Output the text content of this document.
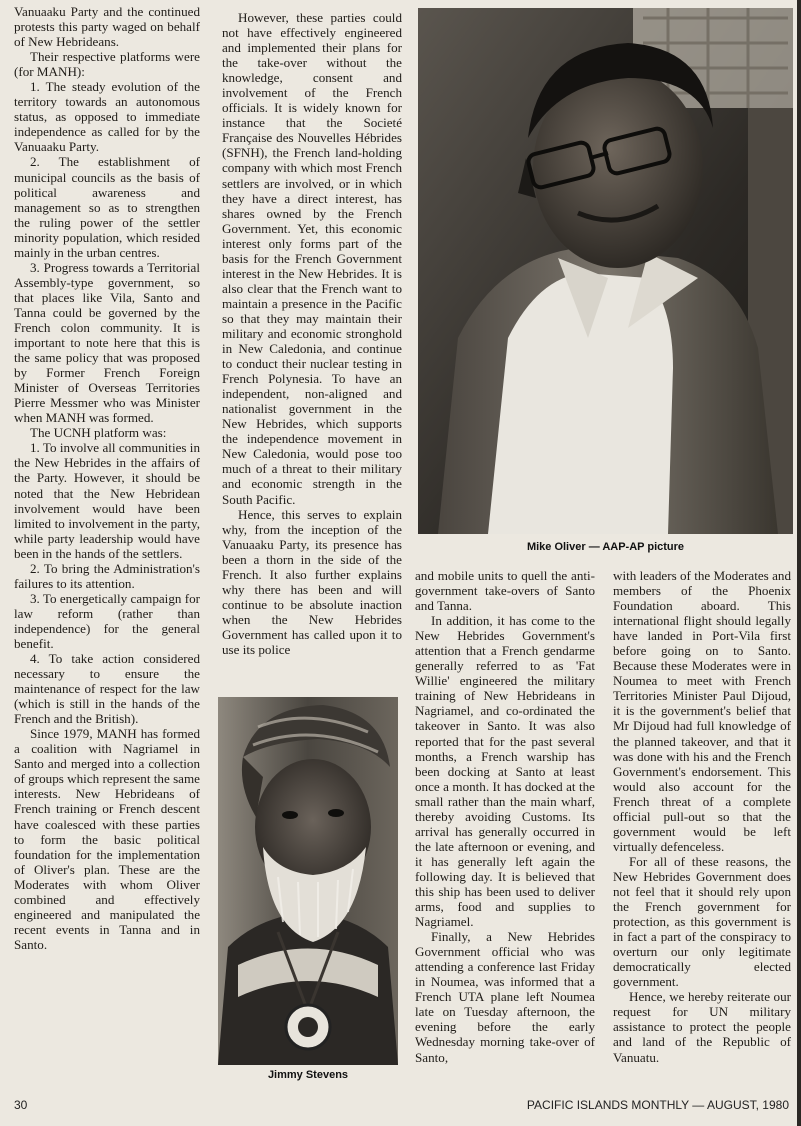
Vanuaaku Party and the continued protests this party waged on behalf of New Hebrideans.

Their respective platforms were (for MANH):

1. The steady evolution of the territory towards an autonomous status, as opposed to immediate independence as called for by the Vanuaaku Party.

2. The establishment of municipal councils as the basis of political awareness and management so as to strengthen the ruling power of the settler minority population, which resided mainly in the urban centres.

3. Progress towards a Territorial Assembly-type government, so that places like Vila, Santo and Tanna could be governed by the French colon community. It is important to note here that this is the same policy that was proposed by Former French Foreign Minister of Overseas Territories Pierre Messmer who was Minister when MANH was formed.

The UCNH platform was:

1. To involve all communities in the New Hebrides in the affairs of the Party. However, it should be noted that the New Hebridean involvement would have been limited to involvement in the party, while party leadership would have been in the hands of the settlers.

2. To bring the Administration's failures to its attention.

3. To energetically campaign for law reform (rather than independence) for the general benefit.

4. To take action considered necessary to ensure the maintenance of respect for the law (which is still in the hands of the French and the British).

Since 1979, MANH has formed a coalition with Nagriamel in Santo and merged into a collection of groups which represent the same interests. New Hebrideans of French training or French descent have coalesced with these parties to form the basic political foundation for the implementation of Oliver's plan. These are the Moderates with whom Oliver combined and effectively engineered and manipulated the recent events in Tanna and in Santo.

However, these parties could not have effectively engineered and implemented their plans for the take-over without the knowledge, consent and involvement of the French officials. It is widely known for instance that the Societé Française des Nouvelles Hébrides (SFNH), the French land-holding company with which most French settlers are involved, or in which they have a direct interest, has shares owned by the French Government. Yet, this economic interest only forms part of the basis for the French Government interest in the New Hebrides. It is also clear that the French want to maintain a presence in the Pacific so that they may maintain their military and economic stronghold in New Caledonia, and continue to conduct their nuclear testing in French Polynesia. To have an independent, non-aligned and nationalist government in the New Hebrides, which supports the independence movement in New Caledonia, would pose too much of a threat to their military and economic strength in the South Pacific.

Hence, this serves to explain why, from the inception of the Vanuaaku Party, its presence has been a thorn in the side of the French. It also further explains why there has been and will continue to be absolute inaction when the New Hebrides Government has called upon it to use its police

Mike Oliver — AAP-AP picture
Jimmy Stevens

and mobile units to quell the anti-government take-overs of Santo and Tanna.

In addition, it has come to the New Hebrides Government's attention that a French gendarme generally referred to as 'Fat Willie' engineered the military training of New Hebrideans in Nagriamel, and co-ordinated the takeover in Santo. It was also reported that for the past several months, a French warship has been docking at Santo at least once a month. It has docked at the small rather than the main wharf, thereby avoiding Customs. Its arrival has generally occurred in the late afternoon or evening, and it has generally left again the following day. It is believed that this ship has been used to deliver arms, food and supplies to Nagriamel.

Finally, a New Hebrides Government official who was attending a conference last Friday in Noumea, was informed that a French UTA plane left Noumea late on Tuesday afternoon, the evening before the early Wednesday morning take-over of Santo,

with leaders of the Moderates and members of the Phoenix Foundation aboard. This international flight should legally have landed in Port-Vila first before going on to Santo. Because these Moderates were in Noumea to meet with French Territories Minister Paul Dijoud, it is the government's belief that Mr Dijoud had full knowledge of the planned takeover, and that it was done with his and the French Government's endorsement. This would also account for the French threat of a complete official pull-out so that the government would be left virtually defenceless.

For all of these reasons, the New Hebrides Government does not feel that it should rely upon the French government for protection, as this government is in fact a part of the conspiracy to overturn our only legitimate democratically elected government.

Hence, we hereby reiterate our request for UN military assistance to protect the people and land of the Republic of Vanuatu.

30	PACIFIC ISLANDS MONTHLY — AUGUST, 1980
